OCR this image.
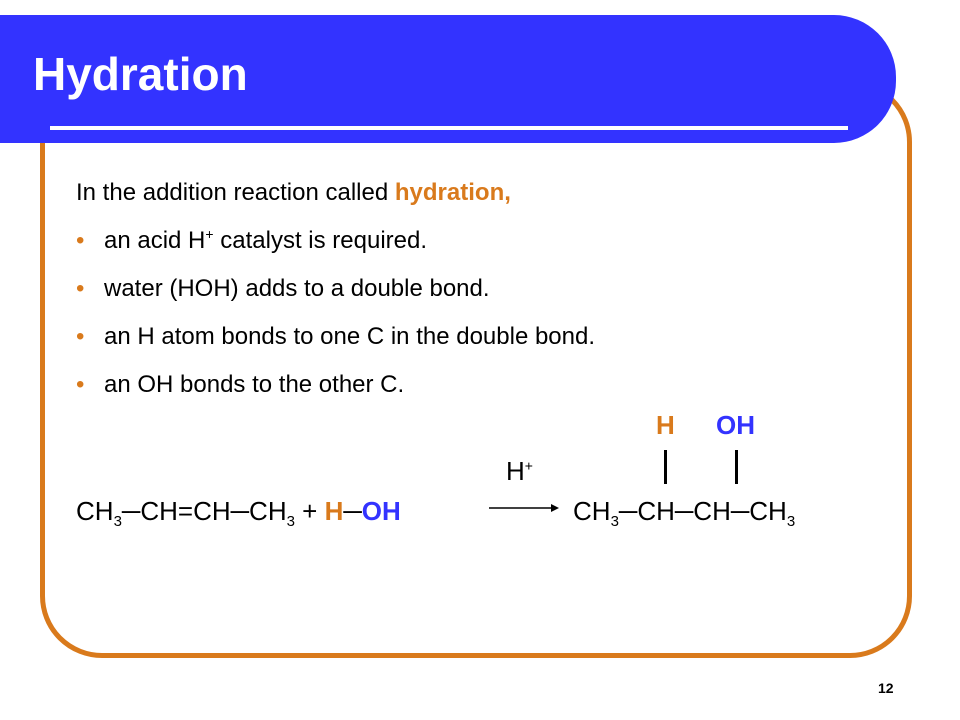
Hydration
In the addition reaction called hydration,
• an acid H+ catalyst is required.
• water (HOH) adds to a double bond.
• an H atom bonds to one C in the double bond.
• an OH bonds to the other C.
H OH
H+
$CH_3─CH=CH─CH_3$ + H─OH	$CH_3─CH─CH─CH_3$
12
